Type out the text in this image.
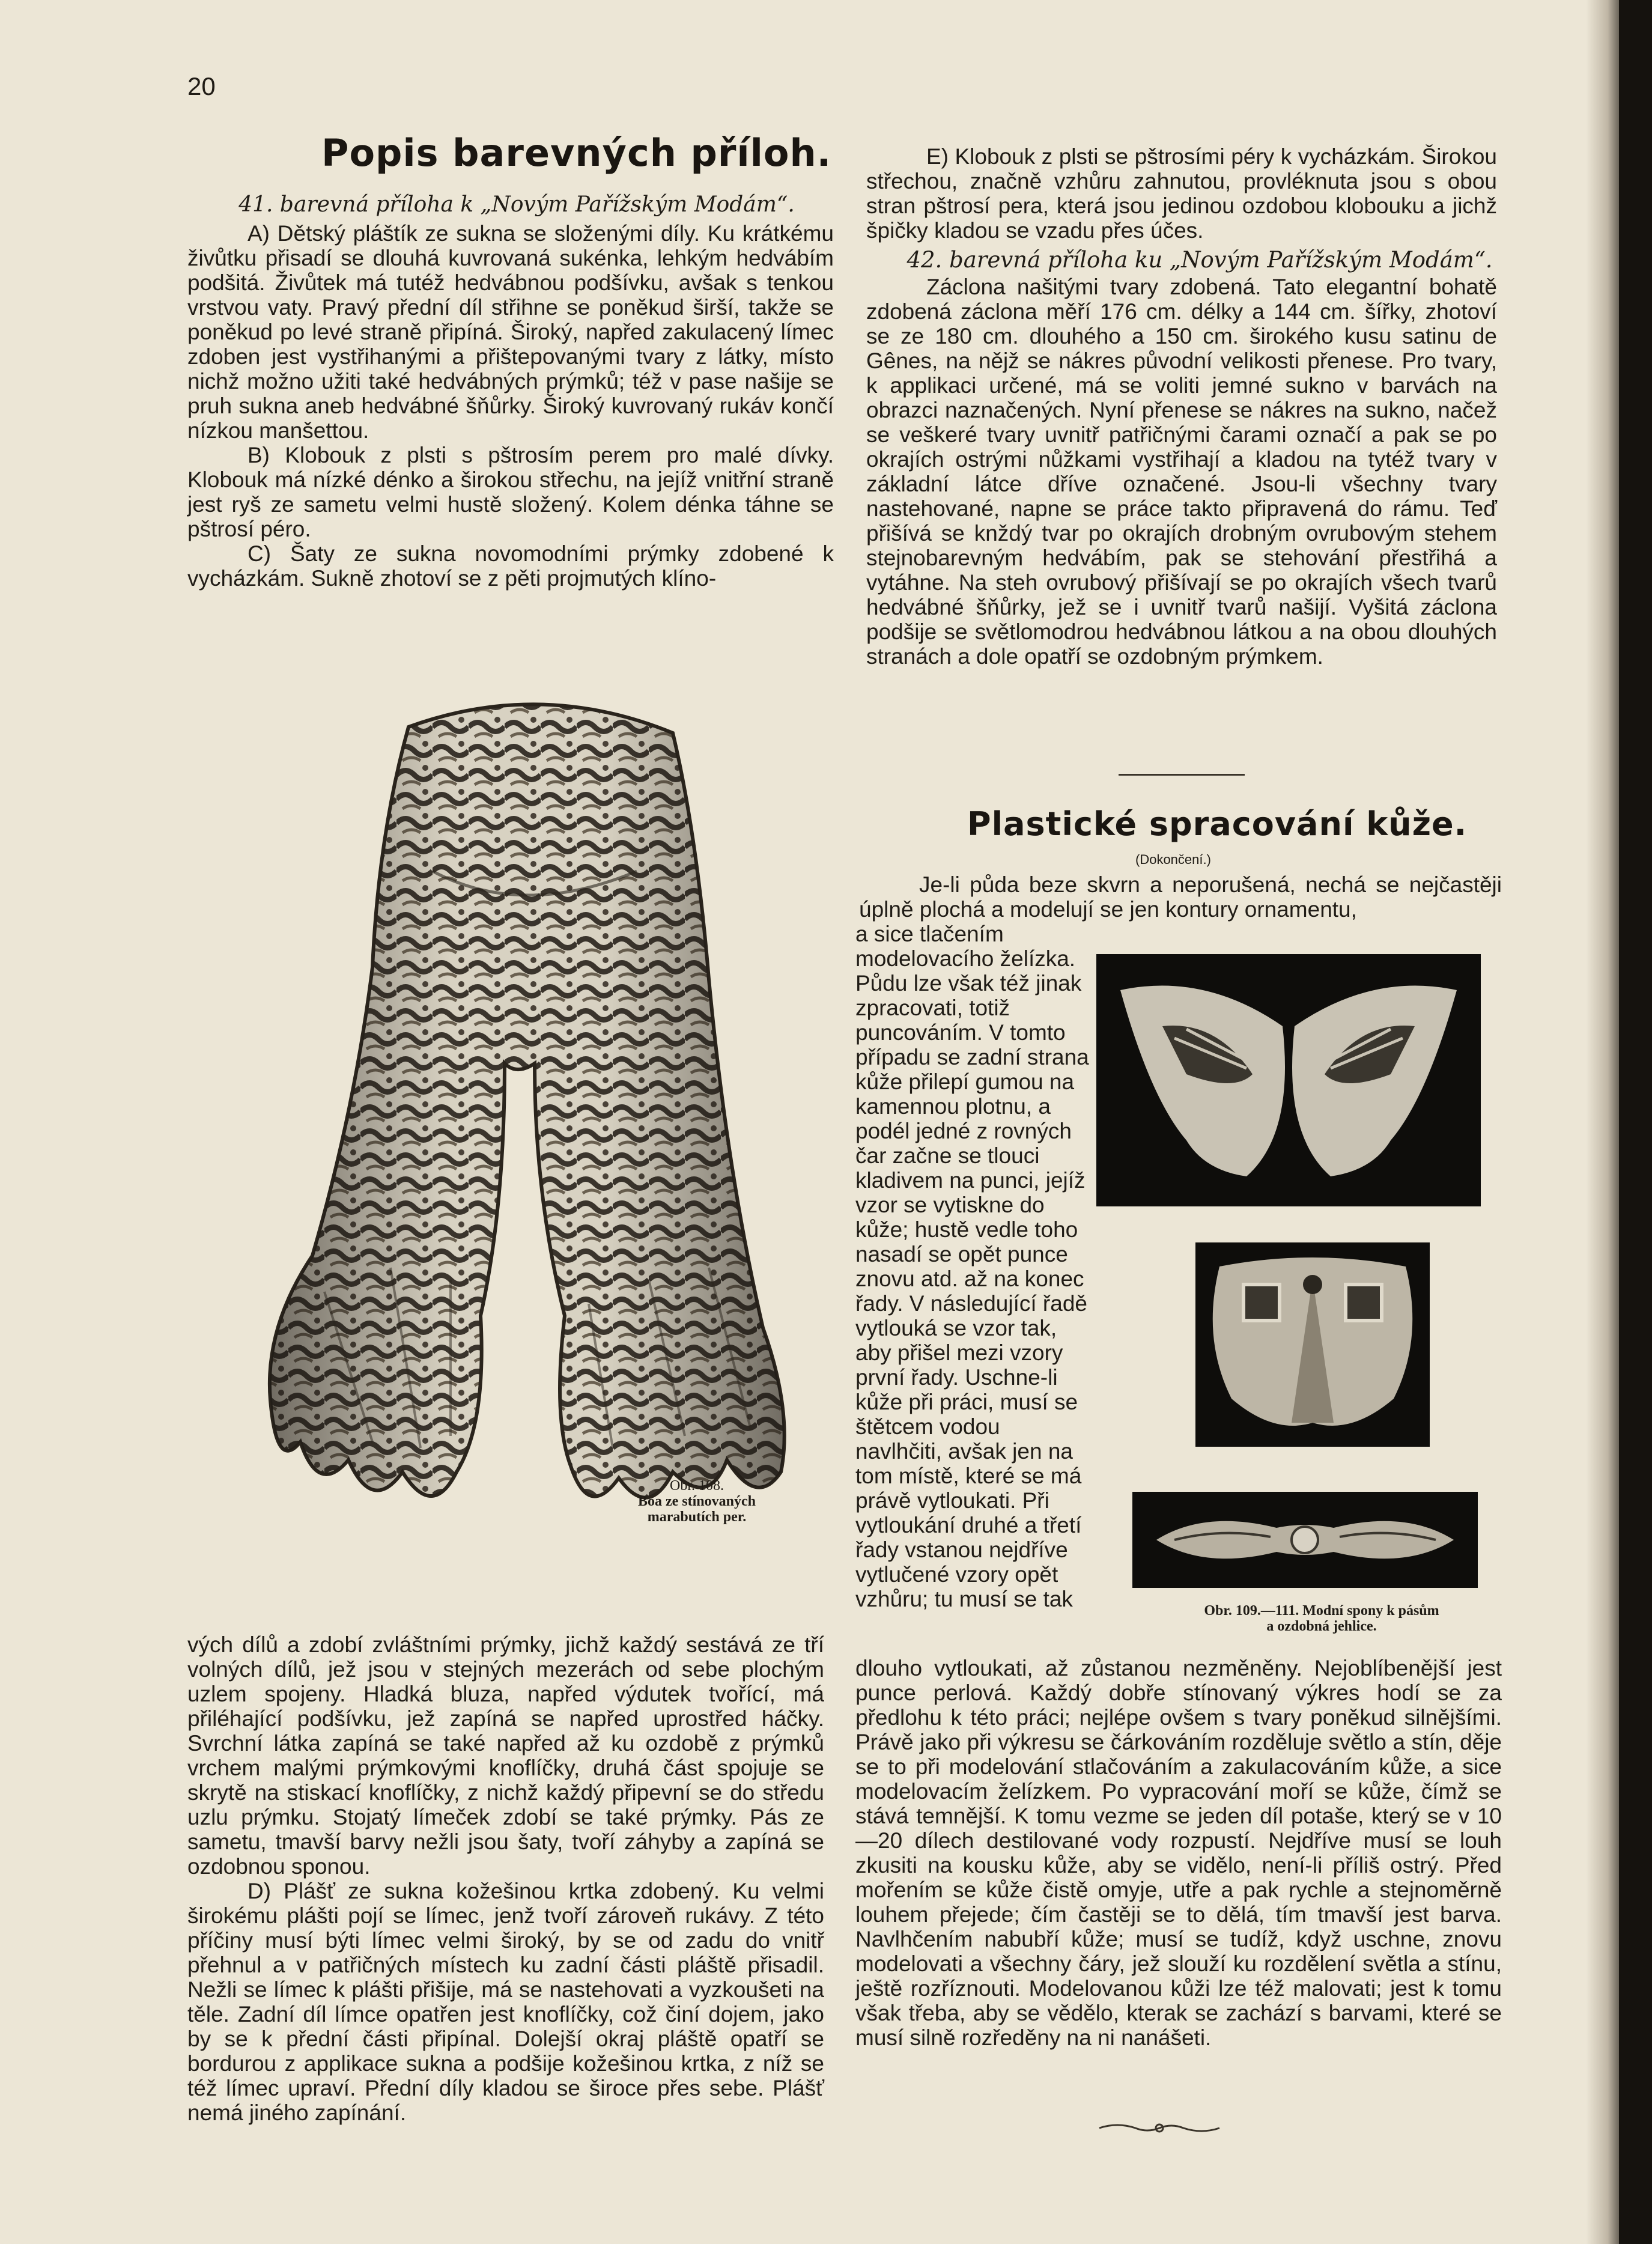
20
Popis barevných příloh.
41. barevná příloha k „Novým Pařížským Modám“.

A) Dětský pláštík ze sukna se složenými díly. Ku krátkému živůtku přisadí se dlouhá kuvrovaná sukénka, lehkým hedvábím podšitá. Živůtek má tutéž hedvábnou podšívku, avšak s tenkou vrstvou vaty. Pravý přední díl střihne se poněkud širší, takže se poněkud po levé straně připíná. Široký, napřed zakulacený límec zdoben jest vystřihanými a přištepovanými tvary z látky, místo nichž možno užiti také hedvábných prýmků; též v pase našije se pruh sukna aneb hedvábné šňůrky. Široký kuvrovaný rukáv končí nízkou manšettou.

B) Klobouk z plsti s pštrosím perem pro malé dívky. Klobouk má nízké dénko a širokou střechu, na jejíž vnitřní straně jest ryš ze sametu velmi hustě složený. Kolem dénka táhne se pštrosí péro.

C) Šaty ze sukna novomodními prýmky zdobené k vycházkám. Sukně zhotoví se z pěti projmutých klíno-

Obr. 108.
Boa ze stínovaných
marabutích per.

vých dílů a zdobí zvláštními prýmky, jichž každý sestává ze tří volných dílů, jež jsou v stejných mezerách od sebe plochým uzlem spojeny. Hladká bluza, napřed výdutek tvořící, má přiléhající podšívku, jež zapíná se napřed uprostřed háčky. Svrchní látka zapíná se také napřed až ku ozdobě z prýmků vrchem malými prýmkovými knoflíčky, druhá část spojuje se skrytě na stiskací knoflíčky, z nichž každý připevní se do středu uzlu prýmku. Stojatý límeček zdobí se také prýmky. Pás ze sametu, tmavší barvy nežli jsou šaty, tvoří záhyby a zapíná se ozdobnou sponou.

D) Plášť ze sukna kožešinou krtka zdobený. Ku velmi širokému plášti pojí se límec, jenž tvoří zároveň rukávy. Z této příčiny musí býti límec velmi široký, by se od zadu do vnitř přehnul a v patřičných místech ku zadní části pláště přisadil. Nežli se límec k plášti přišije, má se nastehovati a vyzkoušeti na těle. Zadní díl límce opatřen jest knoflíčky, což činí dojem, jako by se k přední části připínal. Dolejší okraj pláště opatří se bordurou z applikace sukna a podšije kožešinou krtka, z níž se též límec upraví. Přední díly kladou se široce přes sebe. Plášť nemá jiného zapínání.

E) Klobouk z plsti se pštrosími péry k vycházkám. Širokou střechou, značně vzhůru zahnutou, provléknuta jsou s obou stran pštrosí pera, která jsou jedinou ozdobou klobouku a jichž špičky kladou se vzadu přes účes.

42. barevná příloha ku „Novým Pařížským Modám“.

Záclona našitými tvary zdobená. Tato elegantní bohatě zdobená záclona měří 176 cm. délky a 144 cm. šířky, zhotoví se ze 180 cm. dlouhého a 150 cm. širokého kusu satinu de Gênes, na nějž se nákres původní velikosti přenese. Pro tvary, k applikaci určené, má se voliti jemné sukno v barvách na obrazci naznačených. Nyní přenese se nákres na sukno, načež se veškeré tvary uvnitř patřičnými čarami označí a pak se po okrajích ostrými nůžkami vystřihají a kladou na tytéž tvary v základní látce dříve označené. Jsou-li všechny tvary nastehované, napne se práce takto připravená do rámu. Teď přišívá se knždý tvar po okrajích drobným ovrubovým stehem stejnobarevným hedvábím, pak se stehování přestřihá a vytáhne. Na steh ovrubový přišívají se po okrajích všech tvarů hedvábné šňůrky, jež se i uvnitř tvarů našijí. Vyšitá záclona podšije se světlomodrou hedvábnou látkou a na obou dlouhých stranách a dole opatří se ozdobným prýmkem.

Plastické spracování kůže.
(Dokončení.)

Je-li půda beze skvrn a neporušená, nechá se nejčastěji úplně plochá a modelují se jen kontury ornamentu,

a sice tlačením modelovacího želízka. Půdu lze však též jinak zpracovati, totiž puncováním. V tomto případu se zadní strana kůže přilepí gumou na kamennou plotnu, a podél jedné z rovných čar začne se tlouci kladivem na punci, jejíž vzor se vytiskne do kůže; hustě vedle toho nasadí se opět punce znovu atd. až na konec řady. V následující řadě vytlouká se vzor tak, aby přišel mezi vzory první řady. Uschne-li kůže při práci, musí se štětcem vodou navlhčiti, avšak jen na tom místě, které se má právě vytloukati. Při vytloukání druhé a třetí řady vstanou nejdříve vytlučené vzory opět vzhůru; tu musí se tak	Obr. 109.—111. Modní spony k pásům
a ozdobná jehlice.

dlouho vytloukati, až zůstanou nezměněny. Nejoblíbenější jest punce perlová. Každý dobře stínovaný výkres hodí se za předlohu k této práci; nejlépe ovšem s tvary poněkud silnějšími. Právě jako při výkresu se čárkováním rozděluje světlo a stín, děje se to při modelování stlačováním a zakulacováním kůže, a sice modelovacím želízkem. Po vypracování moří se kůže, čímž se stává temnější. K tomu vezme se jeden díl potaše, který se v 10—20 dílech destilované vody rozpustí. Nejdříve musí se louh zkusiti na kousku kůže, aby se vidělo, není-li příliš ostrý. Před mořením se kůže čistě omyje, utře a pak rychle a stejnoměrně louhem přejede; čím častěji se to dělá, tím tmavší jest barva. Navlhčením nabubří kůže; musí se tudíž, když uschne, znovu modelovati a všechny čáry, jež slouží ku rozdělení světla a stínu, ještě rozříznouti. Modelovanou kůži lze též malovati; jest k tomu však třeba, aby se vědělo, kterak se zachází s barvami, které se musí silně rozředěny na ni nanášeti.
